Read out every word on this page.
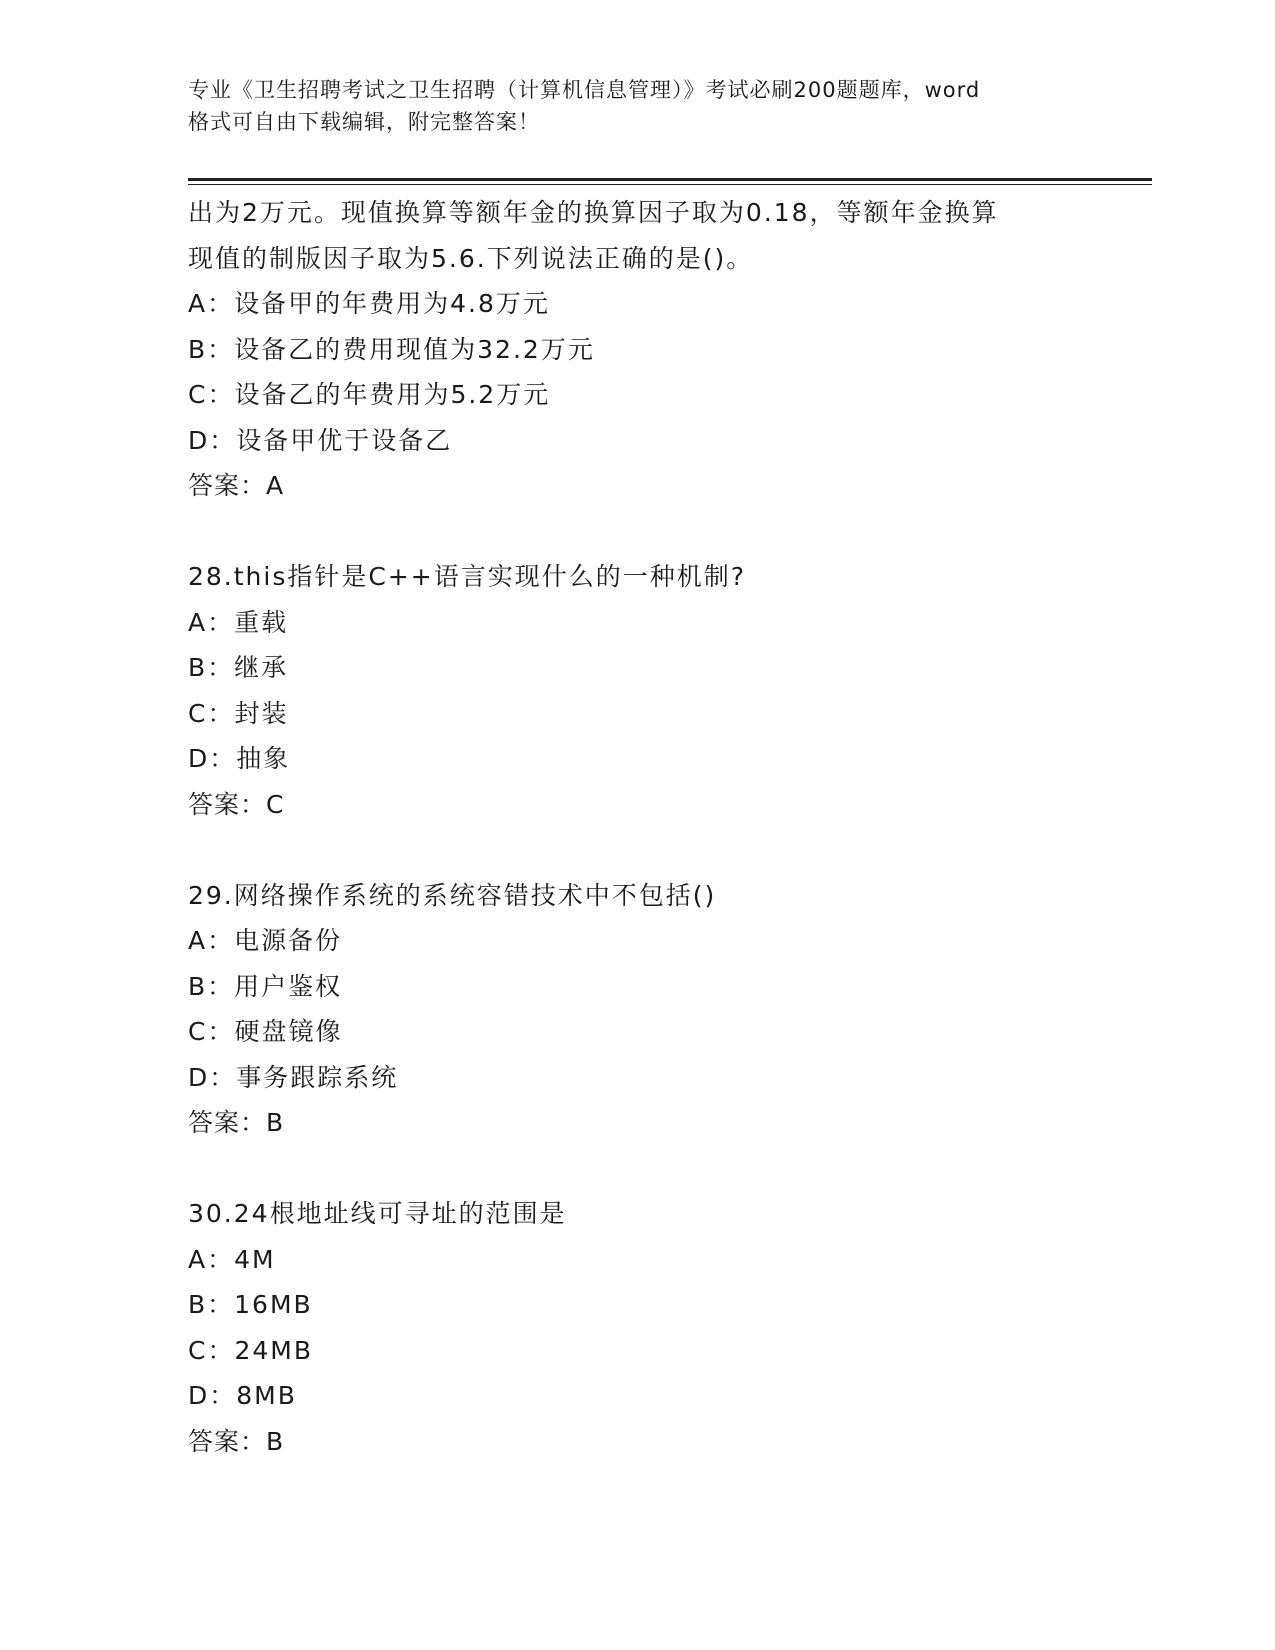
专业《卫生招聘考试之卫生招聘（计算机信息管理）》考试必刷200题题库，word
格式可自由下载编辑，附完整答案！
出为2万元。现值换算等额年金的换算因子取为0.18，等额年金换算
现值的制版因子取为5.6.下列说法正确的是()。
A：设备甲的年费用为4.8万元
B：设备乙的费用现值为32.2万元
C：设备乙的年费用为5.2万元
D：设备甲优于设备乙
答案：A
28.this指针是C++语言实现什么的一种机制?
A：重载
B：继承
C：封装
D：抽象
答案：C
29.网络操作系统的系统容错技术中不包括()
A：电源备份
B：用户鉴权
C：硬盘镜像
D：事务跟踪系统
答案：B
30.24根地址线可寻址的范围是
A：4M
B：16MB
C：24MB
D：8MB
答案：B
